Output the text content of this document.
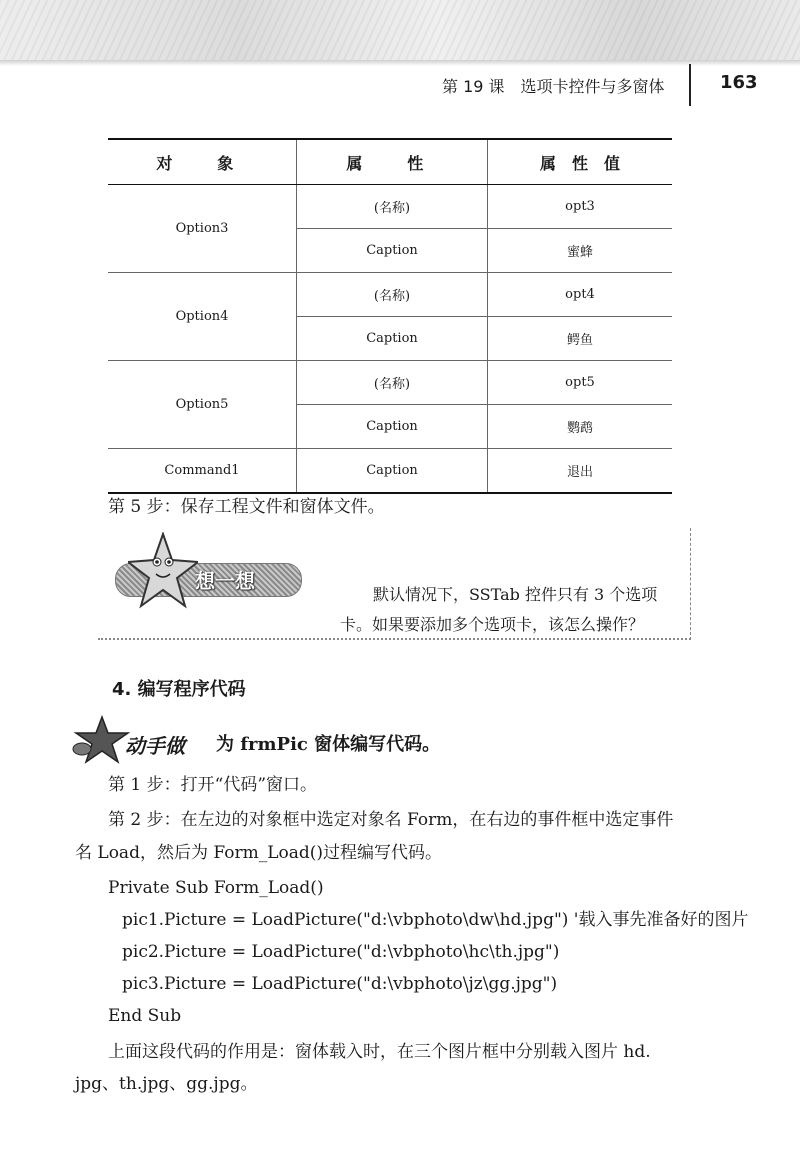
第 19 课　选项卡控件与多窗体	163
对　象	属　性	属　性　值
Option3	(名称)	opt3
	Caption	蜜蜂
Option4	(名称)	opt4
	Caption	鳄鱼
Option5	(名称)	opt5
	Caption	鹦鹉
Command1	Caption	退出
第 5 步：保存工程文件和窗体文件。
想一想
默认情况下，SSTab 控件只有 3 个选项
卡。如果要添加多个选项卡，该怎么操作？
4. 编写程序代码
动手做 为 frmPic 窗体编写代码。
第 1 步：打开“代码”窗口。
第 2 步：在左边的对象框中选定对象名 Form，在右边的事件框中选定事件
名 Load，然后为 Form_Load()过程编写代码。
Private Sub Form_Load()
pic1.Picture = LoadPicture("d:\vbphoto\dw\hd.jpg") '载入事先准备好的图片
pic2.Picture = LoadPicture("d:\vbphoto\hc\th.jpg")
pic3.Picture = LoadPicture("d:\vbphoto\jz\gg.jpg")
End Sub
上面这段代码的作用是：窗体载入时，在三个图片框中分别载入图片 hd.
jpg、th.jpg、gg.jpg。
